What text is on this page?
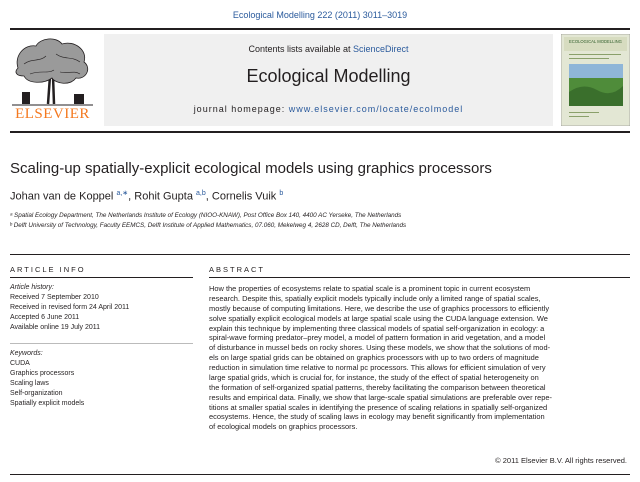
Ecological Modelling 222 (2011) 3011–3019
ELSEVIER
Contents lists available at ScienceDirect
Ecological Modelling
journal homepage: www.elsevier.com/locate/ecolmodel
ECOLOGICAL MODELLING
Scaling-up spatially-explicit ecological models using graphics processors
Johan van de Koppel $^{a,∗}$, Rohit Gupta $^{a,b}$, Cornelis Vuik $^b$
ᵃ Spatial Ecology Department, The Netherlands Institute of Ecology (NIOO-KNAW), Post Office Box 140, 4400 AC Yerseke, The Netherlands
ᵇ Delft University of Technology, Faculty EEMCS, Delft Institute of Applied Mathematics, 07.060, Mekelweg 4, 2628 CD, Delft, The Netherlands
ARTICLE INFO
Article history:
Received 7 September 2010
Received in revised form 24 April 2011
Accepted 6 June 2011
Available online 19 July 2011
Keywords:
CUDA
Graphics processors
Scaling laws
Self-organization
Spatially explicit models
ABSTRACT
How the properties of ecosystems relate to spatial scale is a prominent topic in current ecosystem
research. Despite this, spatially explicit models typically include only a limited range of spatial scales,
mostly because of computing limitations. Here, we describe the use of graphics processors to efficiently
solve spatially explicit ecological models at large spatial scale using the CUDA language extension. We
explain this technique by implementing three classical models of spatial self-organization in ecology: a
spiral-wave forming predator–prey model, a model of pattern formation in arid vegetation, and a model
of disturbance in mussel beds on rocky shores. Using these models, we show that the solutions of mod-
els on large spatial grids can be obtained on graphics processors with up to two orders of magnitude
reduction in simulation time relative to normal pc processors. This allows for efficient simulation of very
large spatial grids, which is crucial for, for instance, the study of the effect of spatial heterogeneity on
the formation of self-organized spatial patterns, thereby facilitating the comparison between theoretical
results and empirical data. Finally, we show that large-scale spatial simulations are preferable over repe-
titions at smaller spatial scales in identifying the presence of scaling relations in spatially self-organized
ecosystems. Hence, the study of scaling laws in ecology may benefit significantly from implementation
of ecological models on graphics processors.
© 2011 Elsevier B.V. All rights reserved.
